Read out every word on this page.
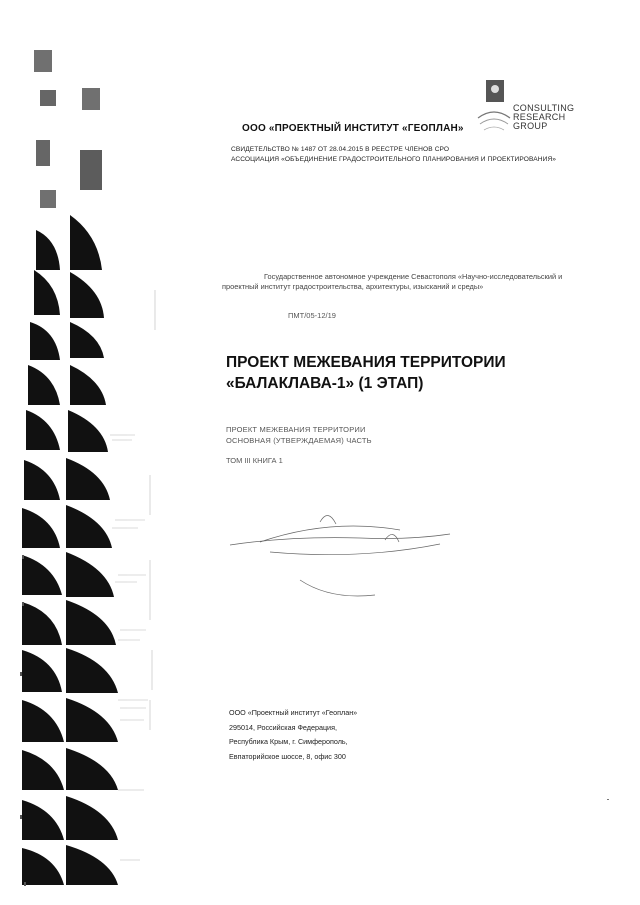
CONSULTING
RESEARCH
GROUP
ООО «ПРОЕКТНЫЙ ИНСТИТУТ «ГЕОПЛАН»
СВИДЕТЕЛЬСТВО № 1487 ОТ 28.04.2015 В РЕЕСТРЕ ЧЛЕНОВ СРО
АССОЦИАЦИЯ «ОБЪЕДИНЕНИЕ ГРАДОСТРОИТЕЛЬНОГО ПЛАНИРОВАНИЯ И ПРОЕКТИРОВАНИЯ»
Государственное автономное учреждение Севастополя «Научно-исследовательский и проектный институт градостроительства, архитектуры, изысканий и среды»
ПМТ/05-12/19
ПРОЕКТ МЕЖЕВАНИЯ ТЕРРИТОРИИ
«БАЛАКЛАВА-1» (1 ЭТАП)
ПРОЕКТ МЕЖЕВАНИЯ ТЕРРИТОРИИ
ОСНОВНАЯ (УТВЕРЖДАЕМАЯ) ЧАСТЬ
ТОМ III КНИГА 1
ООО «Проектный институт «Геоплан»
295014, Российская Федерация,
Республика Крым, г. Симферополь,
Евпаторийское шоссе, 8, офис 300
